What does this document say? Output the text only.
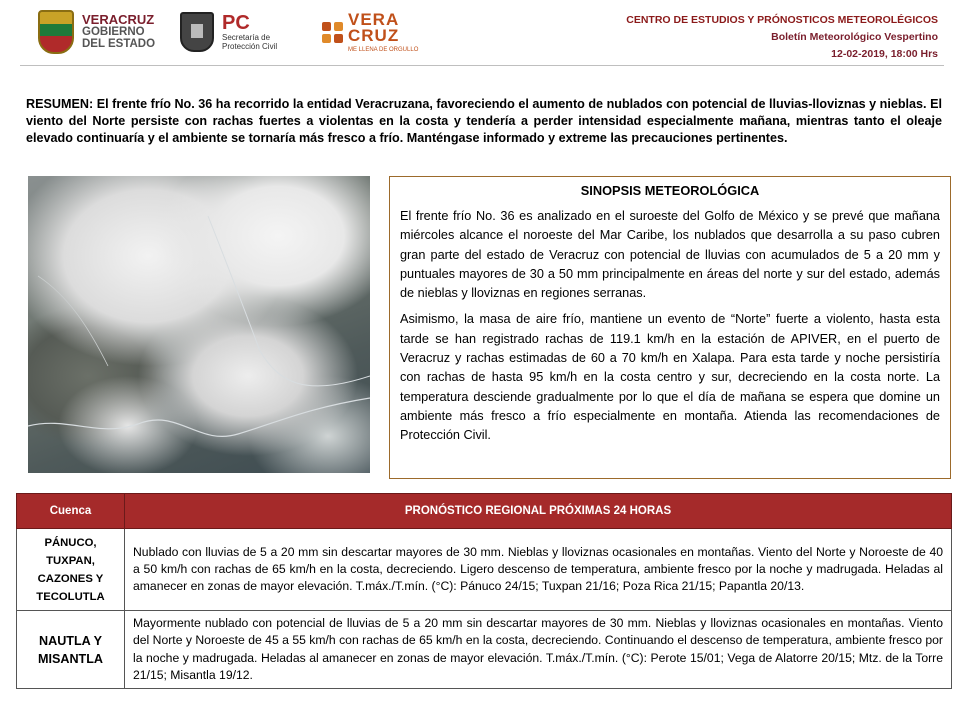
VERACRUZ
GOBIERNO
DEL ESTADO
PC
Secretaría de
Protección Civil
VERA
CRUZ
ME LLENA DE ORGULLO
CENTRO DE ESTUDIOS Y PRÓNOSTICOS METEOROLÉGICOS
Boletín Meteorológico Vespertino
12-02-2019, 18:00 Hrs
RESUMEN: El frente frío No. 36 ha recorrido la entidad Veracruzana, favoreciendo el aumento de nublados con potencial de lluvias-lloviznas y nieblas. El viento del Norte persiste con rachas fuertes a violentas en la costa y tendería a perder intensidad especialmente mañana, mientras tanto el oleaje elevado continuaría y el ambiente se tornaría más fresco a frío. Manténgase informado y extreme las precauciones pertinentes.
SINOPSIS METEOROLÓGICA

El frente frío No. 36 es analizado en el suroeste del Golfo de México y se prevé que mañana miércoles alcance el noroeste del Mar Caribe, los nublados que desarrolla a su paso cubren gran parte del estado de Veracruz con potencial de lluvias con acumulados de 5 a 20 mm y puntuales mayores de 30 a 50 mm principalmente en áreas del norte y sur del estado, además de nieblas y lloviznas en regiones serranas.

Asimismo, la masa de aire frío, mantiene un evento de “Norte” fuerte a violento, hasta esta tarde se han registrado rachas de 119.1 km/h en la estación de APIVER, en el puerto de Veracruz y rachas estimadas de 60 a 70 km/h en Xalapa. Para esta tarde y noche persistiría con rachas de hasta 95 km/h en la costa centro y sur, decreciendo en la costa norte. La temperatura desciende gradualmente por lo que el día de mañana se espera que domine un ambiente más fresco a frío especialmente en montaña. Atienda las recomendaciones de Protección Civil.

Cuenca	PRONÓSTICO REGIONAL PRÓXIMAS 24 HORAS
PÁNUCO, TUXPAN, CAZONES Y TECOLUTLA	Nublado con lluvias de 5 a 20 mm sin descartar mayores de 30 mm. Nieblas y lloviznas ocasionales en montañas. Viento del Norte y Noroeste de 40 a 50 km/h con rachas de 65 km/h en la costa, decreciendo. Ligero descenso de temperatura, ambiente fresco por la noche y madrugada. Heladas al amanecer en zonas de mayor elevación. T.máx./T.mín. (°C): Pánuco 24/15; Tuxpan 21/16; Poza Rica 21/15; Papantla 20/13.
NAUTLA Y MISANTLA	Mayormente nublado con potencial de lluvias de 5 a 20 mm sin descartar mayores de 30 mm. Nieblas y lloviznas ocasionales en montañas. Viento del Norte y Noroeste de 45 a 55 km/h con rachas de 65 km/h en la costa, decreciendo. Continuando el descenso de temperatura, ambiente fresco por la noche y madrugada. Heladas al amanecer en zonas de mayor elevación. T.máx./T.mín. (°C): Perote 15/01; Vega de Alatorre 20/15; Mtz. de la Torre 21/15; Misantla 19/12.
